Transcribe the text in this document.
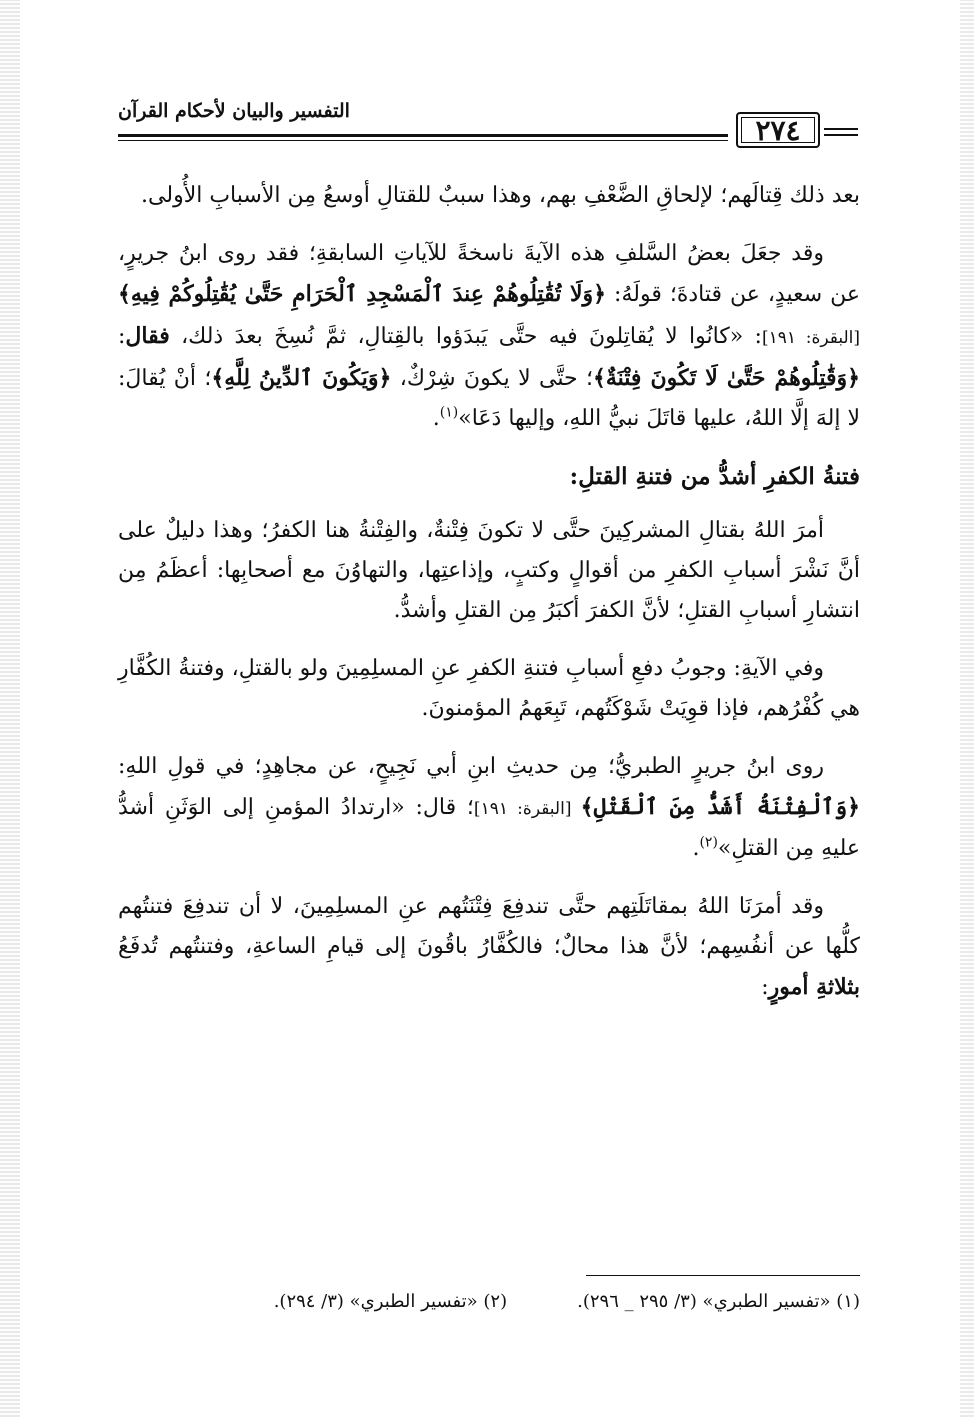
التفسير والبيان لأحكام القرآن
٢٧٤

بعد ذلك قِتالَهم؛ لإلحاقِ الضَّعْفِ بهم، وهذا سببٌ للقتالِ أوسعُ مِن الأسبابِ الأُولى.

وقد جعَلَ بعضُ السَّلفِ هذه الآيةَ ناسخةً للآياتِ السابقةِ؛ فقد روى ابنُ جريرٍ، عن سعيدٍ، عن قتادةَ؛ قولَهُ: ﴿وَلَا تُقَٰتِلُوهُمْ عِندَ ٱلْمَسْجِدِ ٱلْحَرَامِ حَتَّىٰ يُقَٰتِلُوكُمْ فِيهِ﴾ [البقرة: ١٩١]: «كانُوا لا يُقاتِلونَ فيه حتَّى يَبدَؤوا بالقِتالِ، ثمَّ نُسِخَ بعدَ ذلك، فقال: ﴿وَقَٰتِلُوهُمْ حَتَّىٰ لَا تَكُونَ فِتْنَةٌ﴾؛ حتَّى لا يكونَ شِرْكٌ، ﴿وَيَكُونَ ٱلدِّينُ لِلَّهِ﴾؛ أنْ يُقالَ: لا إلهَ إلَّا اللهُ، عليها قاتَلَ نبيُّ اللهِ، وإليها دَعَا»$^{(١)}$.

فتنةُ الكفرِ أشدُّ من فتنةِ القتلِ:

أمرَ اللهُ بقتالِ المشركِينَ حتَّى لا تكونَ فِتْنةٌ، والفِتْنةُ هنا الكفرُ؛ وهذا دليلٌ على أنَّ نَشْرَ أسبابِ الكفرِ من أقوالٍ وكتبٍ، وإذاعتِها، والتهاوُنَ مع أصحابِها: أعظَمُ مِن انتشارِ أسبابِ القتلِ؛ لأنَّ الكفرَ أكبَرُ مِن القتلِ وأشدُّ.

وفي الآيةِ: وجوبُ دفعِ أسبابِ فتنةِ الكفرِ عنِ المسلِمِينَ ولو بالقتلِ، وفتنةُ الكُفَّارِ هي كُفْرُهم، فإذا قوِيَتْ شَوْكَتُهم، تَبِعَهمُ المؤمنونَ.

روى ابنُ جريرٍ الطبريُّ؛ مِن حديثِ ابنِ أبي نَجِيحٍ، عن مجاهِدٍ؛ في قولِ اللهِ: ﴿وَٱلْفِتْنَةُ أَشَدُّ مِنَ ٱلْقَتْلِ﴾ [البقرة: ١٩١]؛ قال: «ارتدادُ المؤمنِ إلى الوَثَنِ أشدُّ عليهِ مِن القتلِ»$^{(٢)}$.

وقد أمرَنَا اللهُ بمقاتَلَتِهم حتَّى تندفِعَ فِتْنَتُهم عنِ المسلِمِينَ، لا أن تندفِعَ فتنتُهم كلُّها عن أنفُسِهم؛ لأنَّ هذا محالٌ؛ فالكُفَّارُ باقُونَ إلى قيامِ الساعةِ، وفتنتُهم تُدفَعُ بثلاثةِ أمورٍ:

(١) «تفسير الطبري» (٣/ ٢٩٥ _ ٢٩٦).
(٢) «تفسير الطبري» (٣/ ٢٩٤).
